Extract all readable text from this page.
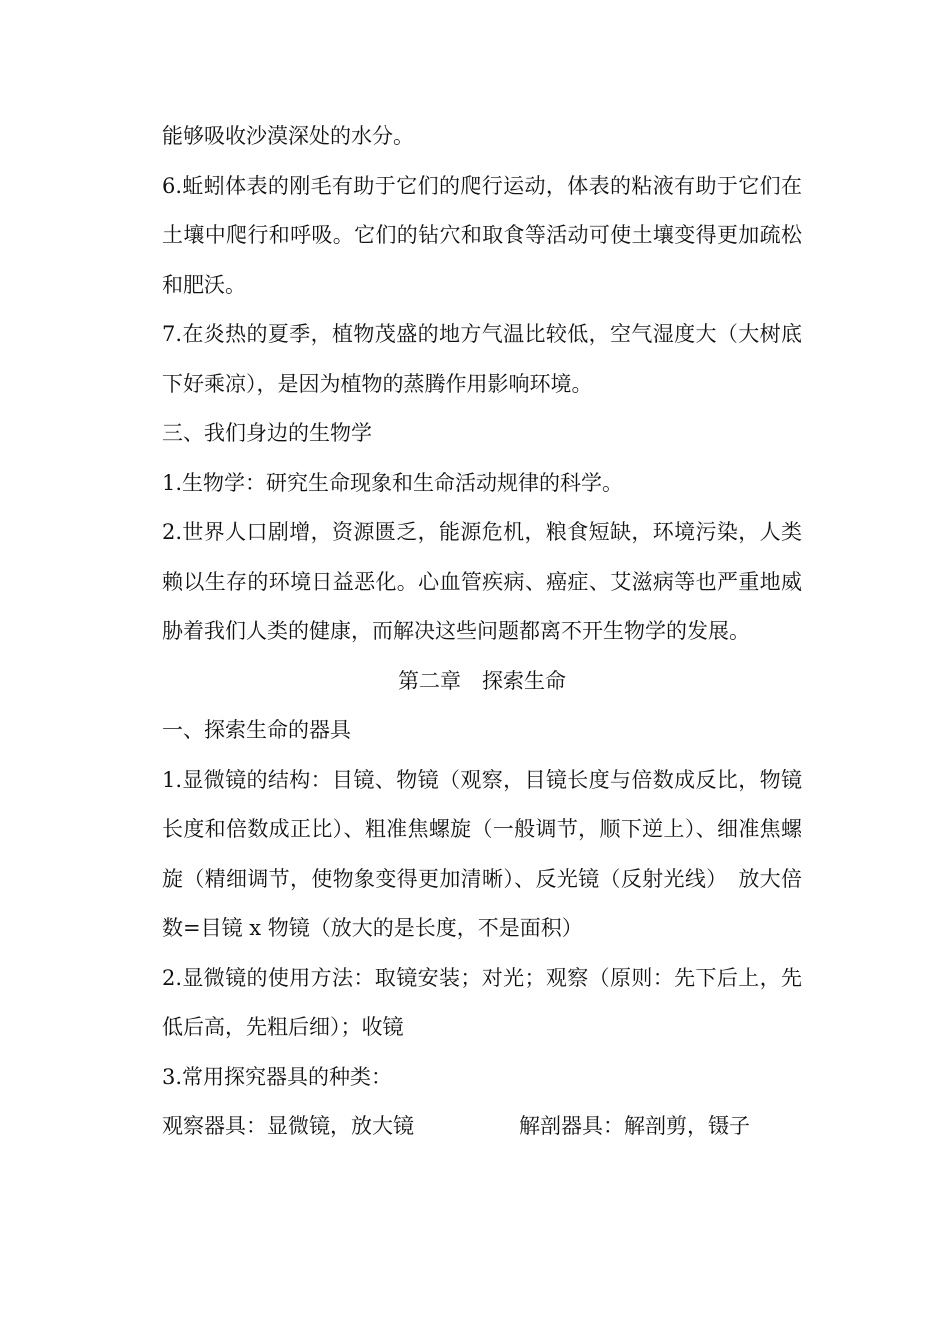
能够吸收沙漠深处的水分。

6.蚯蚓体表的刚毛有助于它们的爬行运动，体表的粘液有助于它们在土壤中爬行和呼吸。它们的钻穴和取食等活动可使土壤变得更加疏松和肥沃。

7.在炎热的夏季，植物茂盛的地方气温比较低，空气湿度大（大树底下好乘凉），是因为植物的蒸腾作用影响环境。

三、我们身边的生物学

1.生物学：研究生命现象和生命活动规律的科学。

2.世界人口剧增，资源匮乏，能源危机，粮食短缺，环境污染，人类赖以生存的环境日益恶化。心血管疾病、癌症、艾滋病等也严重地威胁着我们人类的健康，而解决这些问题都离不开生物学的发展。

第二章　探索生命

一、探索生命的器具

1.显微镜的结构：目镜、物镜（观察，目镜长度与倍数成反比，物镜长度和倍数成正比）、粗准焦螺旋（一般调节，顺下逆上）、细准焦螺旋（精细调节，使物象变得更加清晰）、反光镜（反射光线）　放大倍数=目镜 x 物镜（放大的是长度，不是面积）

2.显微镜的使用方法：取镜安装；对光；观察（原则：先下后上，先低后高，先粗后细）；收镜

3.常用探究器具的种类：

观察器具：显微镜，放大镜	解剖器具：解剖剪，镊子
